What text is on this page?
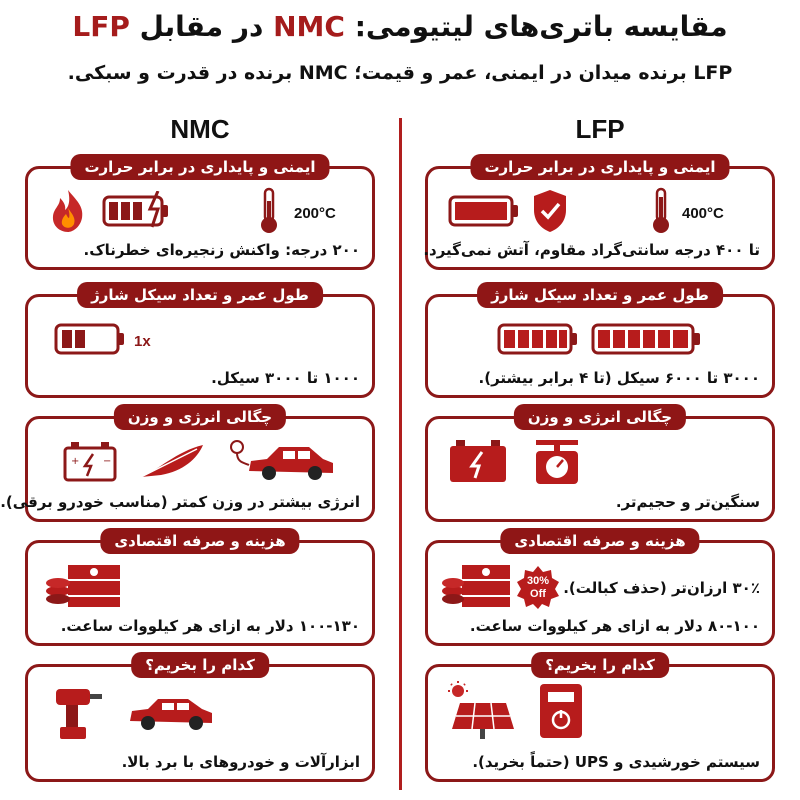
مقایسه باتری‌های لیتیومی: NMC در مقابل LFP
LFP برنده میدان در ایمنی، عمر و قیمت؛ NMC برنده در قدرت و سبکی.
NMC	LFP
ایمنی و پایداری در برابر حرارت
200°C
۲۰۰ درجه: واکنش زنجیره‌ای خطرناک.
طول عمر و تعداد سیکل شارژ
1x
۱۰۰۰ تا ۳۰۰۰ سیکل.
چگالی انرژی و وزن
+ −
انرژی بیشتر در وزن کمتر (مناسب خودرو برقی).
هزینه و صرفه اقتصادی
۱۰۰-۱۳۰ دلار به ازای هر کیلووات ساعت.
کدام را بخریم؟
ابزارآلات و خودروهای با برد بالا.
ایمنی و پایداری در برابر حرارت
400°C
تا ۴۰۰ درجه سانتی‌گراد مقاوم، آتش نمی‌گیرد.
طول عمر و تعداد سیکل شارژ
۳۰۰۰ تا ۶۰۰۰ سیکل (تا ۴ برابر بیشتر).
چگالی انرژی و وزن
سنگین‌تر و حجیم‌تر.
هزینه و صرفه اقتصادی
30%
Off	۳۰٪ ارزان‌تر (حذف کبالت).
۸۰-۱۰۰ دلار به ازای هر کیلووات ساعت.
کدام را بخریم؟
سیستم خورشیدی و UPS (حتماً بخرید).
